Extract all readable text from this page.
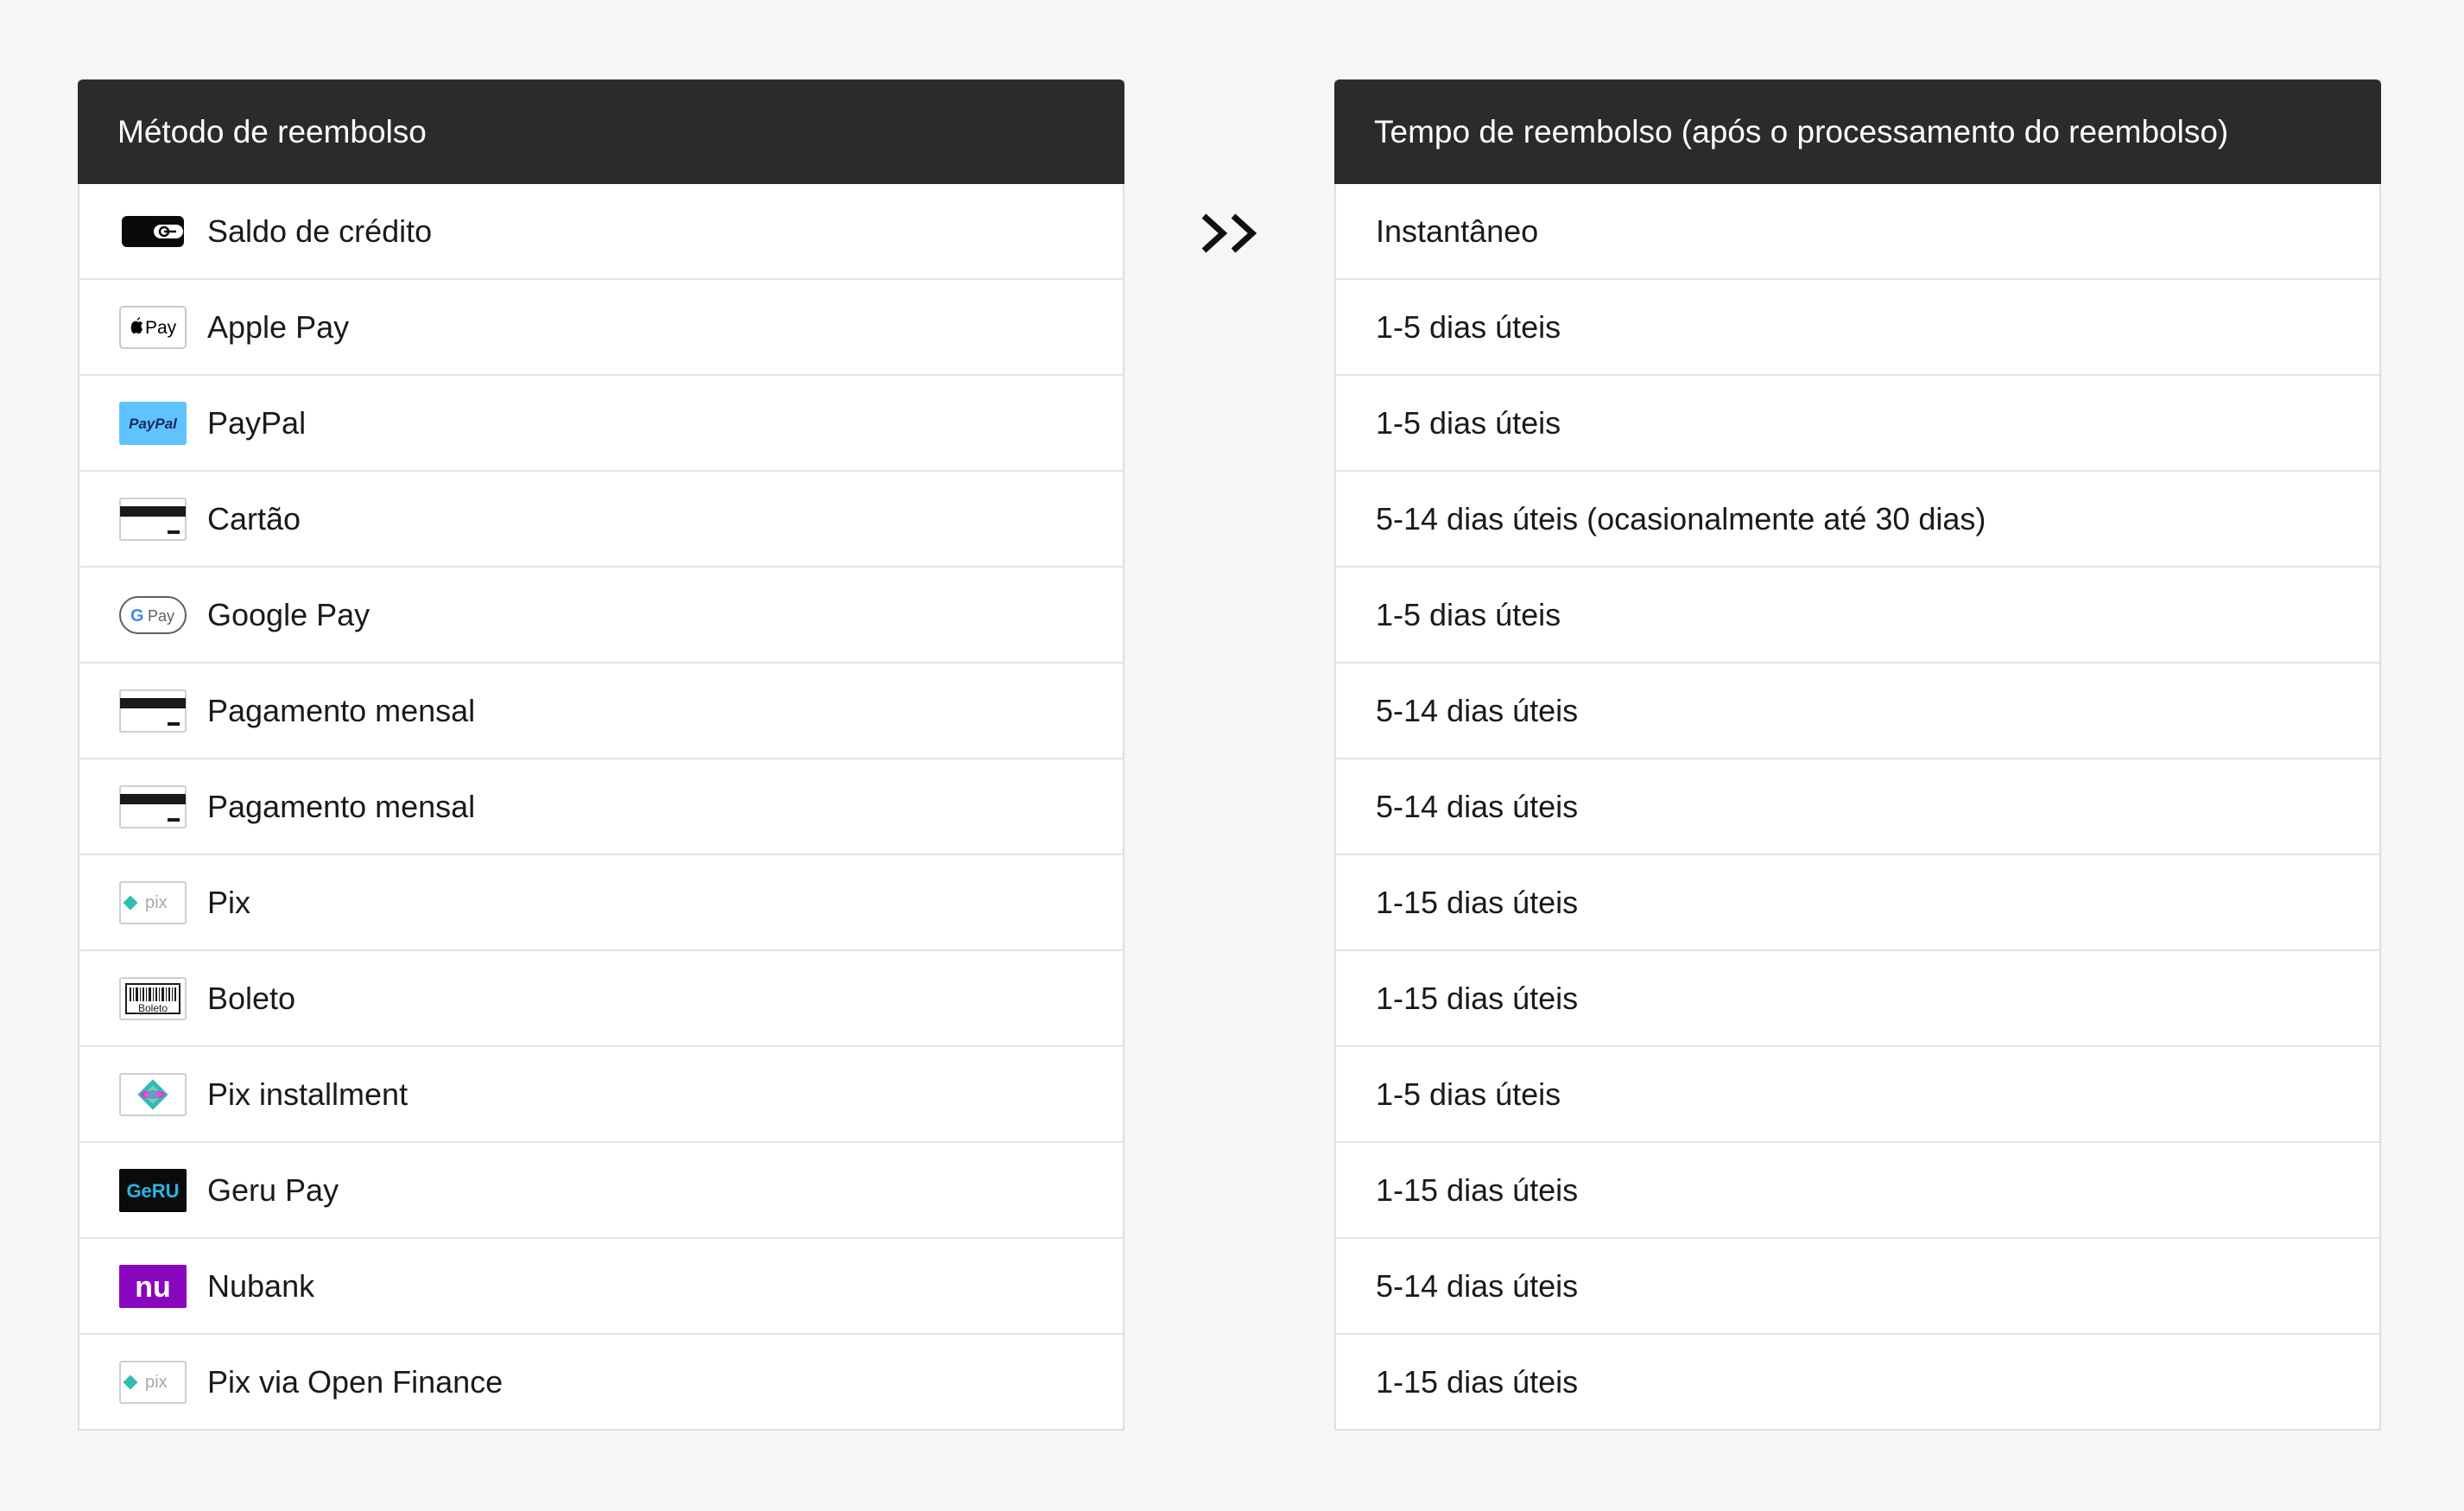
Método de reembolso
Saldo de crédito
Pay Apple Pay
PayPal PayPal
Cartão
G Pay Google Pay
Pagamento mensal
Pagamento mensal
pix Pix
Boleto Boleto
Pix installment
GeRU Geru Pay
nu Nubank
pix Pix via Open Finance
Tempo de reembolso (após o processamento do reembolso)
Instantâneo
1-5 dias úteis
1-5 dias úteis
5-14 dias úteis (ocasionalmente até 30 dias)
1-5 dias úteis
5-14 dias úteis
5-14 dias úteis
1-15 dias úteis
1-15 dias úteis
1-5 dias úteis
1-15 dias úteis
5-14 dias úteis
1-15 dias úteis
